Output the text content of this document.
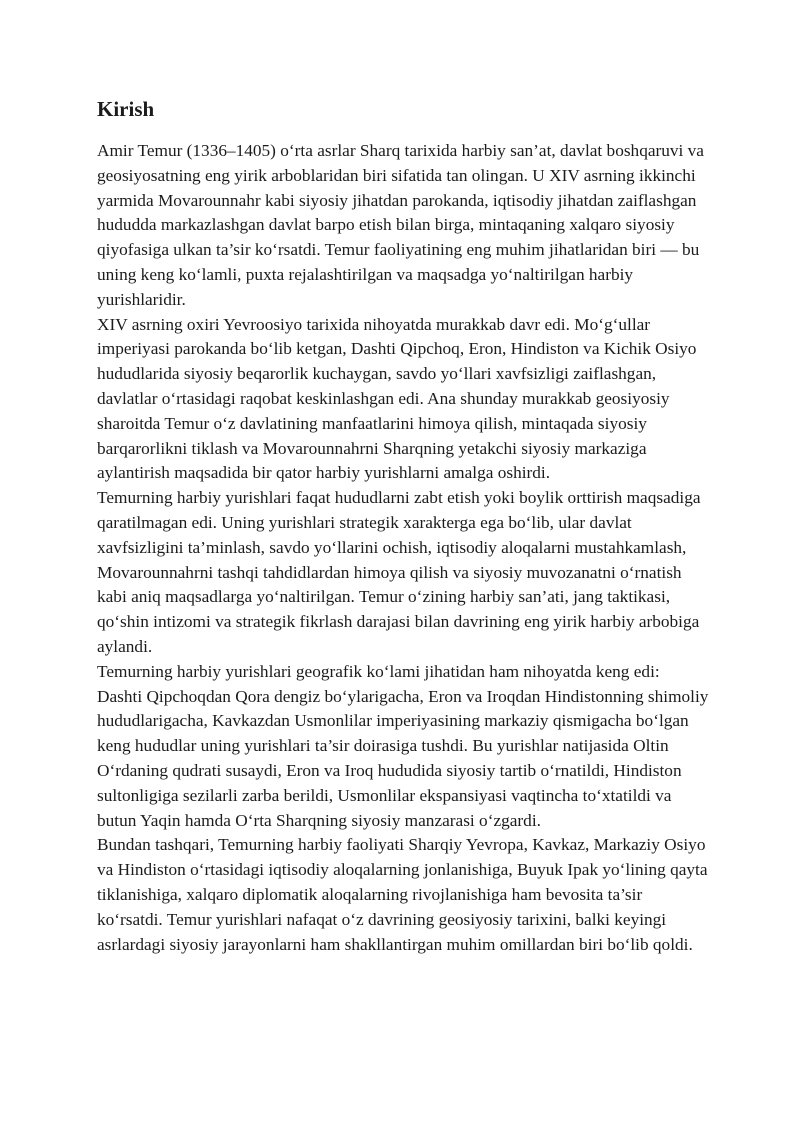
Kirish

Amir Temur (1336–1405) o‘rta asrlar Sharq tarixida harbiy san’at, davlat boshqaruvi va geosiyosatning eng yirik arboblaridan biri sifatida tan olingan. U XIV asrning ikkinchi yarmida Movarounnahr kabi siyosiy jihatdan parokanda, iqtisodiy jihatdan zaiflashgan hududda markazlashgan davlat barpo etish bilan birga, mintaqaning xalqaro siyosiy qiyofasiga ulkan ta’sir ko‘rsatdi. Temur faoliyatining eng muhim jihatlaridan biri — bu uning keng ko‘lamli, puxta rejalashtirilgan va maqsadga yo‘naltirilgan harbiy yurishlaridir.

XIV asrning oxiri Yevroosiyo tarixida nihoyatda murakkab davr edi. Mo‘g‘ullar imperiyasi parokanda bo‘lib ketgan, Dashti Qipchoq, Eron, Hindiston va Kichik Osiyo hududlarida siyosiy beqarorlik kuchaygan, savdo yo‘llari xavfsizligi zaiflashgan, davlatlar o‘rtasidagi raqobat keskinlashgan edi. Ana shunday murakkab geosiyosiy sharoitda Temur o‘z davlatining manfaatlarini himoya qilish, mintaqada siyosiy barqarorlikni tiklash va Movarounnahrni Sharqning yetakchi siyosiy markaziga aylantirish maqsadida bir qator harbiy yurishlarni amalga oshirdi.

Temurning harbiy yurishlari faqat hududlarni zabt etish yoki boylik orttirish maqsadiga qaratilmagan edi. Uning yurishlari strategik xarakterga ega bo‘lib, ular davlat xavfsizligini ta’minlash, savdo yo‘llarini ochish, iqtisodiy aloqalarni mustahkamlash, Movarounnahrni tashqi tahdidlardan himoya qilish va siyosiy muvozanatni o‘rnatish kabi aniq maqsadlarga yo‘naltirilgan. Temur o‘zining harbiy san’ati, jang taktikasi, qo‘shin intizomi va strategik fikrlash darajasi bilan davrining eng yirik harbiy arbobiga aylandi.

Temurning harbiy yurishlari geografik ko‘lami jihatidan ham nihoyatda keng edi: Dashti Qipchoqdan Qora dengiz bo‘ylarigacha, Eron va Iroqdan Hindistonning shimoliy hududlarigacha, Kavkazdan Usmonlilar imperiyasining markaziy qismigacha bo‘lgan keng hududlar uning yurishlari ta’sir doirasiga tushdi. Bu yurishlar natijasida Oltin O‘rdaning qudrati susaydi, Eron va Iroq hududida siyosiy tartib o‘rnatildi, Hindiston sultonligiga sezilarli zarba berildi, Usmonlilar ekspansiyasi vaqtincha to‘xtatildi va butun Yaqin hamda O‘rta Sharqning siyosiy manzarasi o‘zgardi.

Bundan tashqari, Temurning harbiy faoliyati Sharqiy Yevropa, Kavkaz, Markaziy Osiyo va Hindiston o‘rtasidagi iqtisodiy aloqalarning jonlanishiga, Buyuk Ipak yo‘lining qayta tiklanishiga, xalqaro diplomatik aloqalarning rivojlanishiga ham bevosita ta’sir ko‘rsatdi. Temur yurishlari nafaqat o‘z davrining geosiyosiy tarixini, balki keyingi asrlardagi siyosiy jarayonlarni ham shakllantirgan muhim omillardan biri bo‘lib qoldi.
